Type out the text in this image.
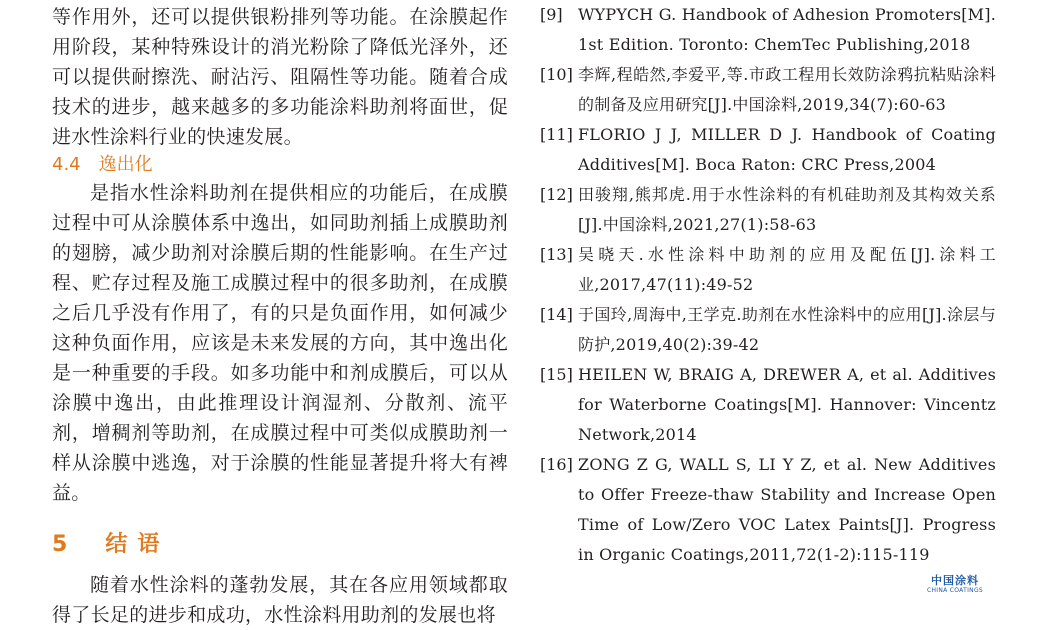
等作用外，还可以提供银粉排列等功能。在涂膜起作用阶段，某种特殊设计的消光粉除了降低光泽外，还可以提供耐擦洗、耐沾污、阻隔性等功能。随着合成技术的进步，越来越多的多功能涂料助剂将面世，促进水性涂料行业的快速发展。

4.4 逸出化

是指水性涂料助剂在提供相应的功能后，在成膜过程中可从涂膜体系中逸出，如同助剂插上成膜助剂的翅膀，减少助剂对涂膜后期的性能影响。在生产过程、贮存过程及施工成膜过程中的很多助剂，在成膜之后几乎没有作用了，有的只是负面作用，如何减少这种负面作用，应该是未来发展的方向，其中逸出化是一种重要的手段。如多功能中和剂成膜后，可以从涂膜中逸出，由此推理设计润湿剂、分散剂、流平剂，增稠剂等助剂，在成膜过程中可类似成膜助剂一样从涂膜中逃逸，对于涂膜的性能显著提升将大有裨益。

5 结语

随着水性涂料的蓬勃发展，其在各应用领域都取得了长足的进步和成功，水性涂料用助剂的发展也将

[9] WYPYCH G. Handbook of Adhesion Promoters[M]. 1st Edition. Toronto: ChemTec Publishing,2018
[10] 李辉,程皓然,李爱平,等.市政工程用长效防涂鸦抗粘贴涂料的制备及应用研究[J].中国涂料,2019,34(7):60-63
[11] FLORIO J J, MILLER D J. Handbook of Coating Additives[M]. Boca Raton: CRC Press,2004
[12] 田骏翔,熊邦虎.用于水性涂料的有机硅助剂及其构效关系[J].中国涂料,2021,27(1):58-63
[13] 吴晓天.水性涂料中助剂的应用及配伍[J].涂料工业,2017,47(11):49-52
[14] 于国玲,周海中,王学克.助剂在水性涂料中的应用[J].涂层与防护,2019,40(2):39-42
[15] HEILEN W, BRAIG A, DREWER A, et al. Additives for Waterborne Coatings[M]. Hannover: Vincentz Network,2014
[16] ZONG Z G, WALL S, LI Y Z, et al. New Additives to Offer Freeze-thaw Stability and Increase Open Time of Low/Zero VOC Latex Paints[J]. Progress in Organic Coatings,2011,72(1-2):115-119
中国涂料
CHINA COATINGS
